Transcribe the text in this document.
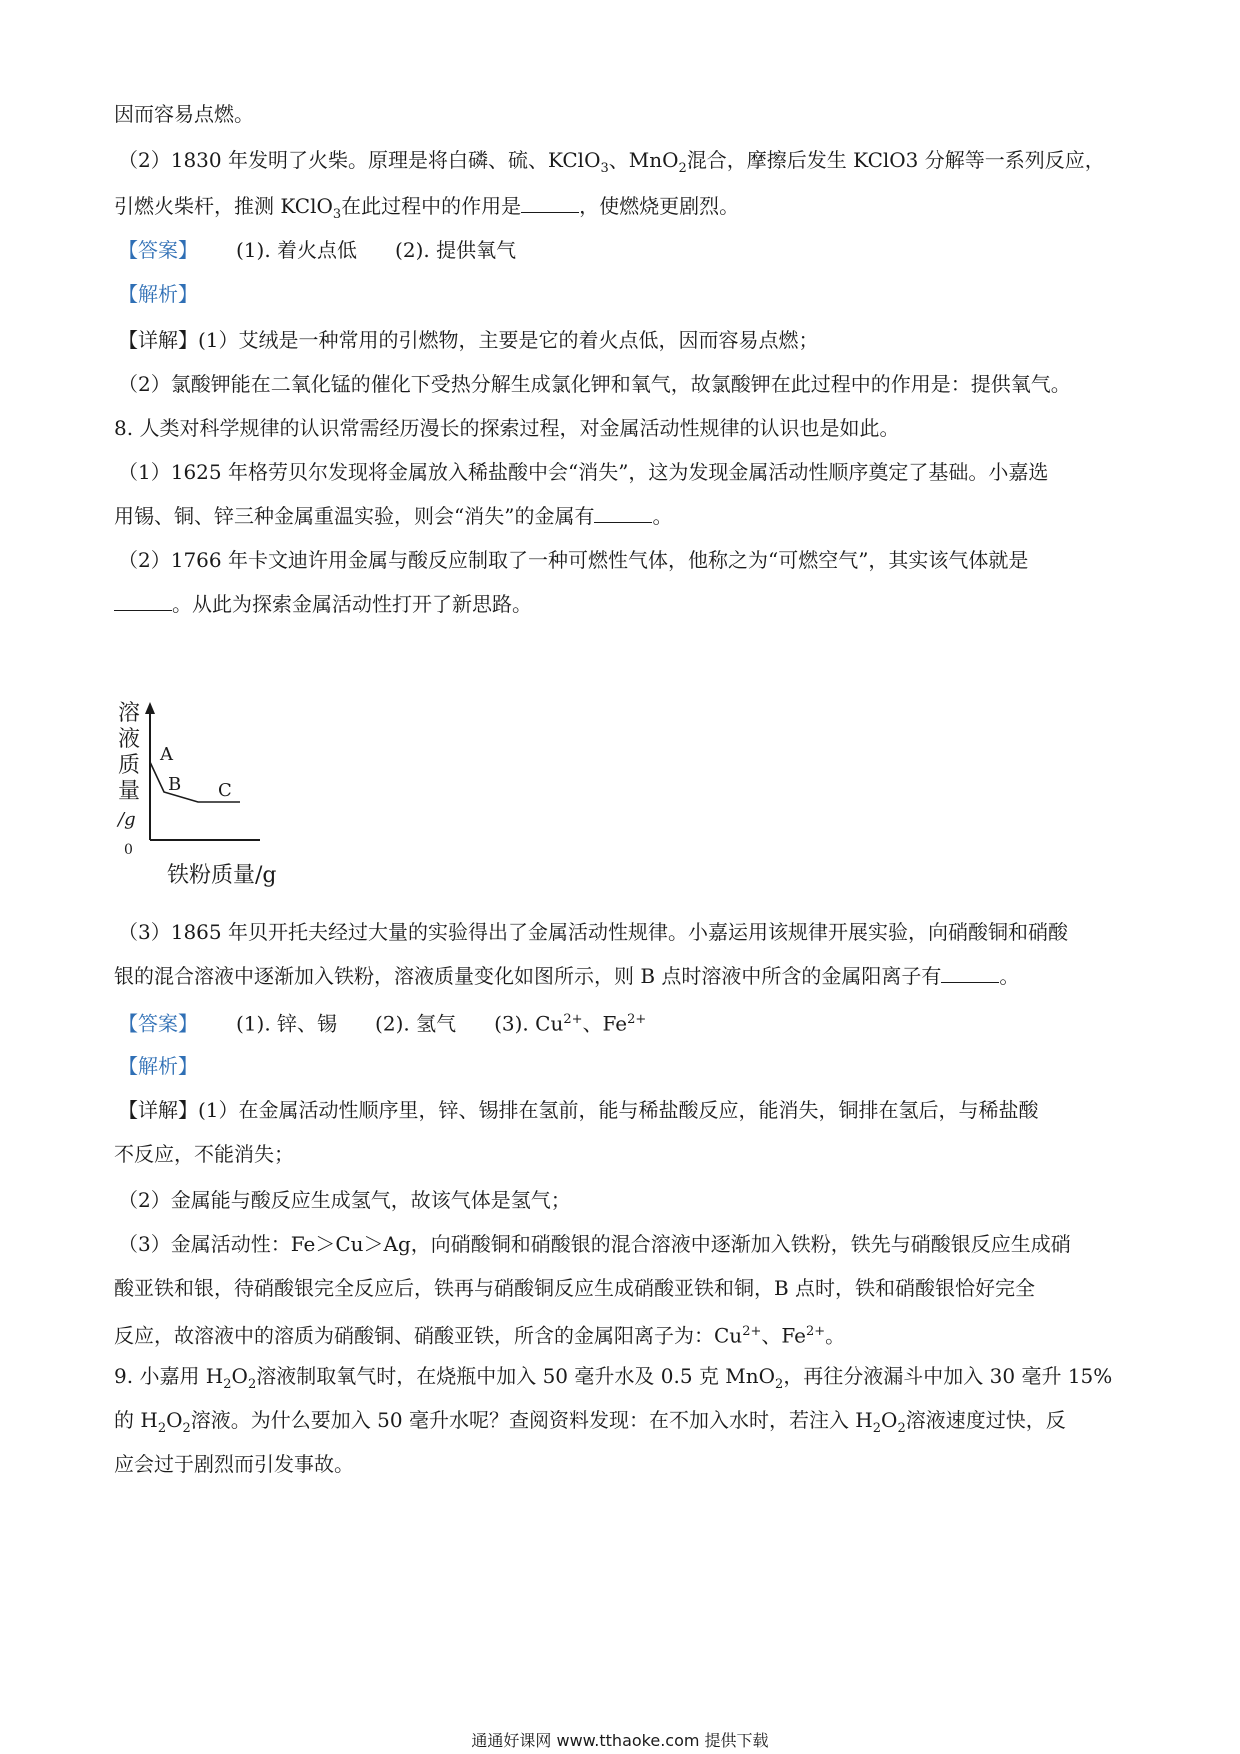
因而容易点燃。
（2）1830 年发明了火柴。原理是将白磷、硫、KClO$_3$、MnO$_2$混合，摩擦后发生 KClO3 分解等一系列反应，
引燃火柴杆，推测 KClO$_3$在此过程中的作用是	，使燃烧更剧烈。
【答案】 (1). 着火点低 (2). 提供氧气
【解析】
【详解】(1）艾绒是一种常用的引燃物，主要是它的着火点低，因而容易点燃；
（2）氯酸钾能在二氧化锰的催化下受热分解生成氯化钾和氧气，故氯酸钾在此过程中的作用是：提供氧气。
8. 人类对科学规律的认识常需经历漫长的探索过程，对金属活动性规律的认识也是如此。
（1）1625 年格劳贝尔发现将金属放入稀盐酸中会“消失”，这为发现金属活动性顺序奠定了基础。小嘉选
用锡、铜、锌三种金属重温实验，则会“消失”的金属有	。
（2）1766 年卡文迪许用金属与酸反应制取了一种可燃性气体，他称之为“可燃空气”，其实该气体就是
。从此为探索金属活动性打开了新思路。
溶
液
质
量
/g
0
铁粉质量/g
A
B C
（3）1865 年贝开托夫经过大量的实验得出了金属活动性规律。小嘉运用该规律开展实验，向硝酸铜和硝酸
银的混合溶液中逐渐加入铁粉，溶液质量变化如图所示，则 B 点时溶液中所含的金属阳离子有	。
【答案】 (1). 锌、锡 (2). 氢气 (3). $Cu^{2+}$、$Fe^{2+}$
【解析】
【详解】(1）在金属活动性顺序里，锌、锡排在氢前，能与稀盐酸反应，能消失，铜排在氢后，与稀盐酸
不反应，不能消失；
（2）金属能与酸反应生成氢气，故该气体是氢气；
（3）金属活动性：Fe＞Cu＞Ag，向硝酸铜和硝酸银的混合溶液中逐渐加入铁粉，铁先与硝酸银反应生成硝
酸亚铁和银，待硝酸银完全反应后，铁再与硝酸铜反应生成硝酸亚铁和铜，B 点时，铁和硝酸银恰好完全
反应，故溶液中的溶质为硝酸铜、硝酸亚铁，所含的金属阳离子为：$Cu^{2+}$、$Fe^{2+}$。
9. 小嘉用 $H_2O_2$溶液制取氧气时，在烧瓶中加入 50 毫升水及 0.5 克 MnO$_2$，再往分液漏斗中加入 30 毫升 15%
的 $H_2O_2$溶液。为什么要加入 50 毫升水呢？查阅资料发现：在不加入水时，若注入 $H_2O_2$溶液速度过快，反
应会过于剧烈而引发事故。
通通好课网 www.tthaoke.com 提供下载
